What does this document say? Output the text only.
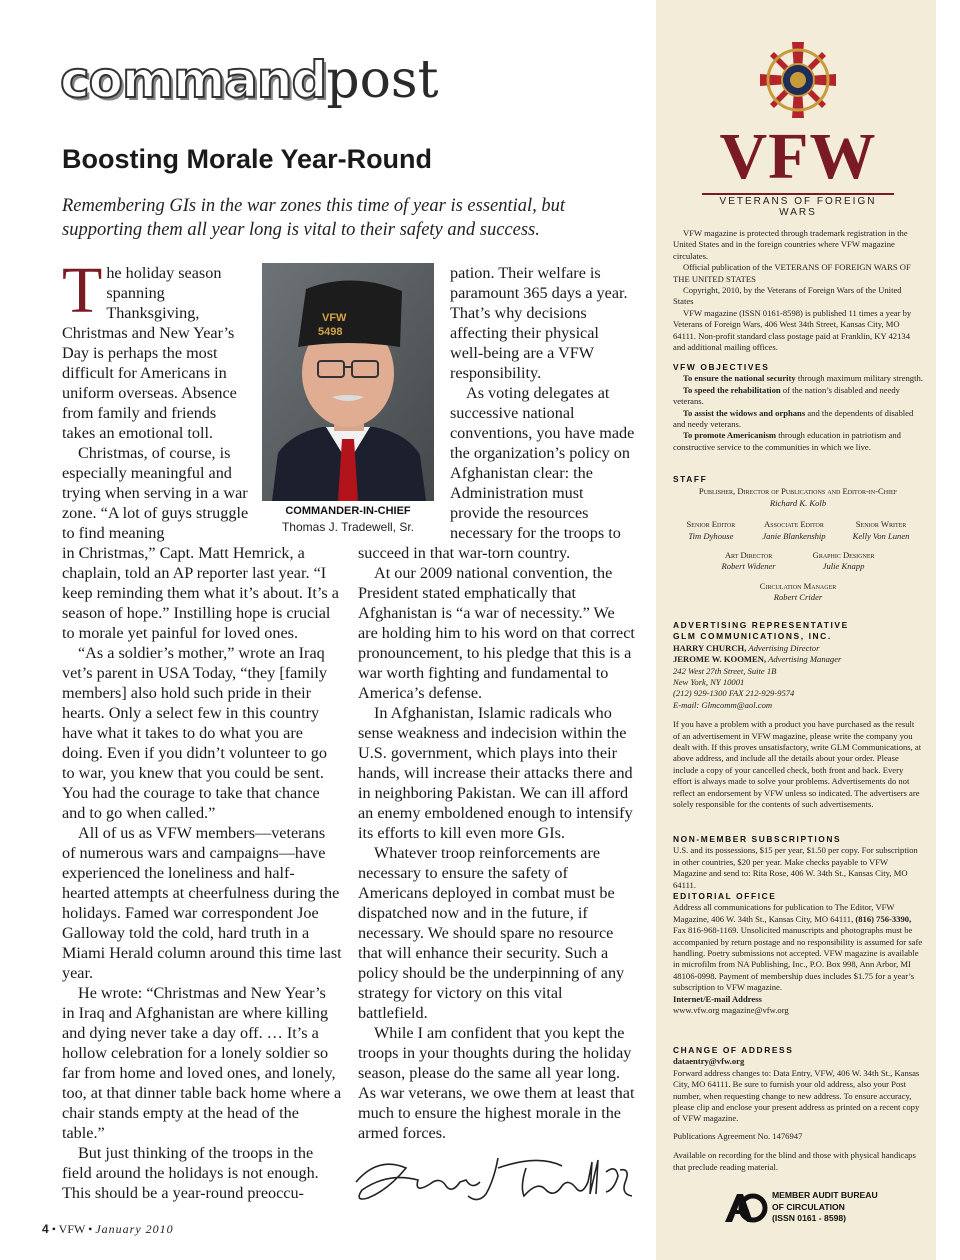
commandpost
Boosting Morale Year-Round
Remembering GIs in the war zones this time of year is essential, but supporting them all year long is vital to their safety and success.

The holiday season spanning Thanksgiving, Christmas and New Year’s Day is perhaps the most difficult for Americans in uniform overseas. Absence from family and friends takes an emotional toll.

Christmas, of course, is especially meaningful and trying when serving in a war zone. “A lot of guys struggle to find meaning

in Christmas,” Capt. Matt Hemrick, a chaplain, told an AP reporter last year. “I keep reminding them what it’s about. It’s a season of hope.” Instilling hope is crucial to morale yet painful for loved ones.

“As a soldier’s mother,” wrote an Iraq vet’s parent in USA Today, “they [family members] also hold such pride in their hearts. Only a select few in this country have what it takes to do what you are doing. Even if you didn’t volunteer to go to war, you knew that you could be sent. You had the courage to take that chance and to go when called.”

All of us as VFW members—veterans of numerous wars and campaigns—have experienced the loneliness and half-hearted attempts at cheerfulness during the holidays. Famed war correspondent Joe Galloway told the cold, hard truth in a Miami Herald column around this time last year.

He wrote: “Christmas and New Year’s in Iraq and Afghanistan are where killing and dying never take a day off. … It’s a hollow celebration for a lonely soldier so far from home and loved ones, and lonely, too, at that dinner table back home where a chair stands empty at the head of the table.”

But just thinking of the troops in the field around the holidays is not enough. This should be a year-round preoccu-

VFW
5498
COMMANDER-IN-CHIEF
Thomas J. Tradewell, Sr.

pation. Their welfare is paramount 365 days a year. That’s why decisions affecting their physical well-being are a VFW responsibility.

As voting delegates at successive national conventions, you have made the organization’s policy on Afghanistan clear: the Administration must provide the resources necessary for the troops to

succeed in that war-torn country.

At our 2009 national convention, the President stated emphatically that Afghanistan is “a war of necessity.” We are holding him to his word on that correct pronouncement, to his pledge that this is a war worth fighting and fundamental to America’s defense.

In Afghanistan, Islamic radicals who sense weakness and indecision within the U.S. government, which plays into their hands, will increase their attacks there and in neighboring Pakistan. We can ill afford an enemy emboldened enough to intensify its efforts to kill even more GIs.

Whatever troop reinforcements are necessary to ensure the safety of Americans deployed in combat must be dispatched now and in the future, if necessary. We should spare no resource that will enhance their security. Such a policy should be the underpinning of any strategy for victory on this vital battlefield.

While I am confident that you kept the troops in your thoughts during the holiday season, please do the same all year long. As war veterans, we owe them at least that much to ensure the highest morale in the armed forces.

4 • VFW • January 2010
VFW
VETERANS OF FOREIGN WARS

VFW magazine is protected through trademark registration in the United States and in the foreign countries where VFW magazine circulates.

Official publication of the VETERANS OF FOREIGN WARS OF THE UNITED STATES

Copyright, 2010, by the Veterans of Foreign Wars of the United States

VFW magazine (ISSN 0161-8598) is published 11 times a year by Veterans of Foreign Wars, 406 West 34th Street, Kansas City, MO 64111. Non-profit standard class postage paid at Franklin, KY 42134 and additional mailing offices.

VFW OBJECTIVES

To ensure the national security through maximum military strength.

To speed the rehabilitation of the nation’s disabled and needy veterans.

To assist the widows and orphans and the dependents of disabled and needy veterans.

To promote Americanism through education in patriotism and constructive service to the communities in which we live.

STAFF

Publisher, Director of Publications and Editor-in-Chief

Richard K. Kolb

Senior Editor
Tim Dyhouse
Associate Editor
Janie Blankenship
Senior Writer
Kelly Von Lunen
Art Director
Robert Widener
Graphic Designer
Julie Knapp

Circulation Manager

Robert Crider

ADVERTISING REPRESENTATIVE

GLM COMMUNICATIONS, INC.

HARRY CHURCH, Advertising Director

JEROME W. KOOMEN, Advertising Manager

242 West 27th Street, Suite 1B

New York, NY 10001

(212) 929-1300 FAX 212-929-9574

E-mail: Glmcomm@aol.com

If you have a problem with a product you have purchased as the result of an advertisement in VFW magazine, please write the company you dealt with. If this proves unsatisfactory, write GLM Communications, at above address, and include all the details about your order. Please include a copy of your cancelled check, both front and back. Every effort is always made to solve your problems. Advertisements do not reflect an endorsement by VFW unless so indicated. The advertisers are solely responsible for the contents of such advertisements.

NON-MEMBER SUBSCRIPTIONS

U.S. and its possessions, $15 per year, $1.50 per copy. For subscription in other countries, $20 per year. Make checks payable to VFW Magazine and send to: Rita Rose, 406 W. 34th St., Kansas City, MO 64111.

EDITORIAL OFFICE

Address all communications for publication to The Editor, VFW Magazine, 406 W. 34th St., Kansas City, MO 64111, (816) 756-3390, Fax 816-968-1169. Unsolicited manuscripts and photographs must be accompanied by return postage and no responsibility is assumed for safe handling. Poetry submissions not accepted. VFW magazine is available in microfilm from NA Publishing, Inc., P.O. Box 998, Ann Arbor, MI 48106-0998. Payment of membership dues includes $1.75 for a year’s subscription to VFW magazine.

Internet/E-mail Address

www.vfw.org magazine@vfw.org

CHANGE OF ADDRESS

dataentry@vfw.org

Forward address changes to: Data Entry, VFW, 406 W. 34th St., Kansas City, MO 64111. Be sure to furnish your old address, also your Post number, when requesting change to new address. To ensure accuracy, please clip and enclose your present address as printed on a recent copy of VFW magazine.

Publications Agreement No. 1476947

Available on recording for the blind and those with physical handicaps that preclude reading material.

MEMBER AUDIT BUREAU
OF CIRCULATION
(ISSN 0161 - 8598)
